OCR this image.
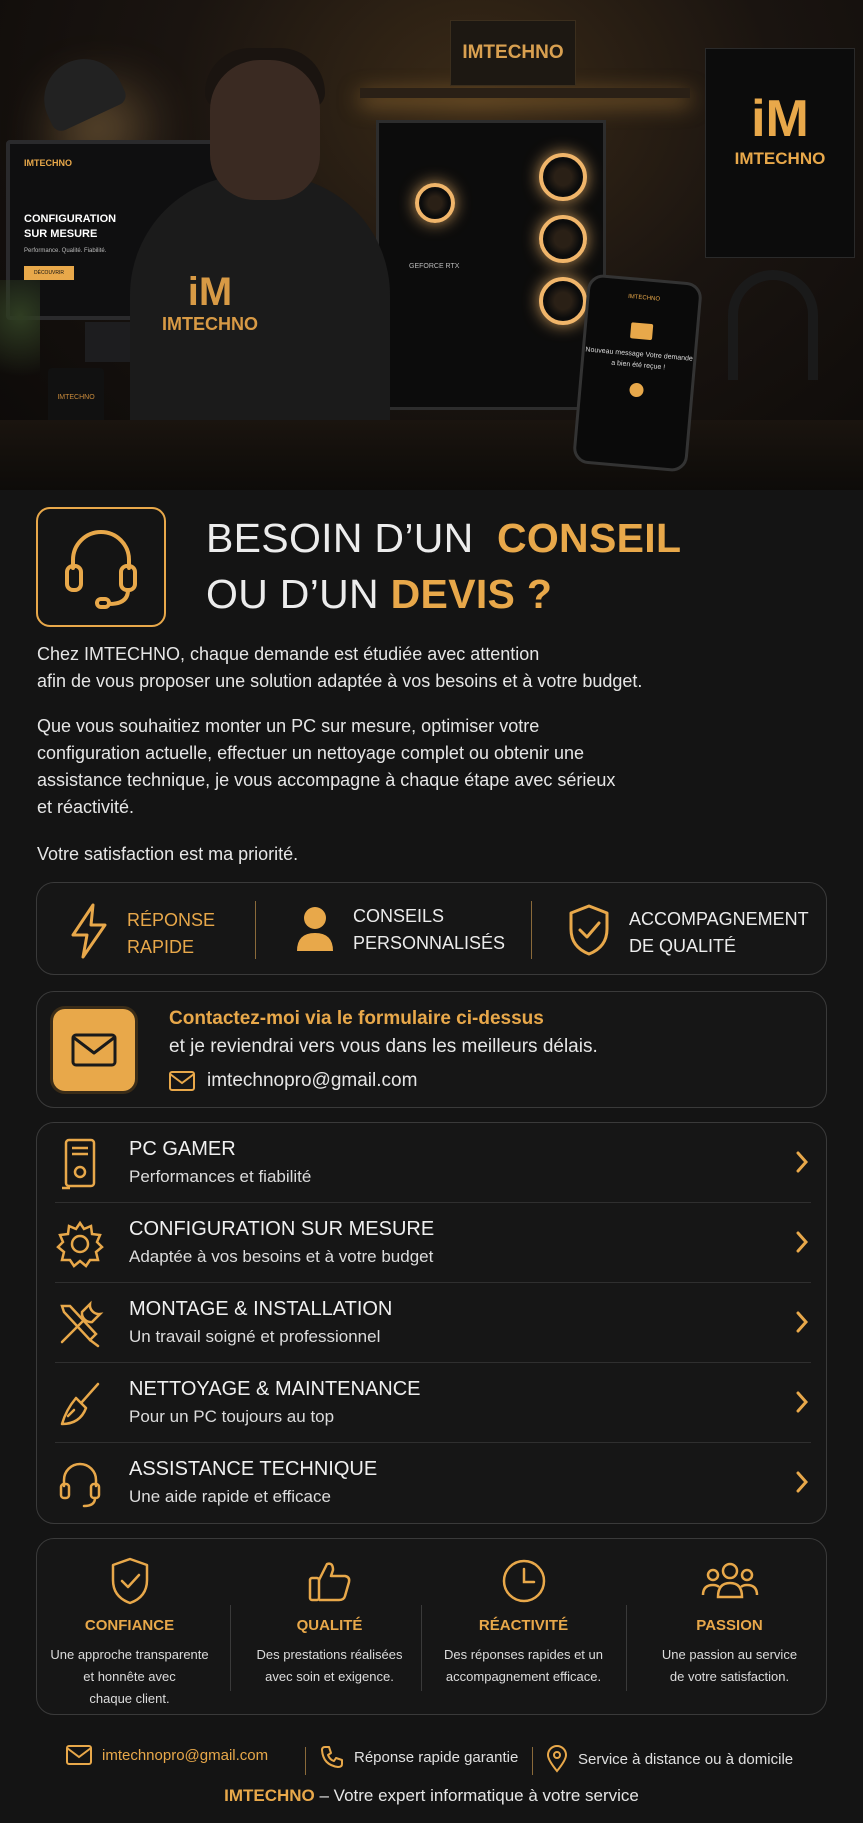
IMTECHNO
IMTECHNO
CONFIGURATION SUR MESURE
Performance. Qualité. Fiabilité.
DÉCOUVRIR
GEFORCE RTX
iM
IMTECHNO
IMTECHNO
iM
IMTECHNO
IMTECHNO
Nouveau message Votre demande a bien été reçue !
BESOIN D’UN CONSEIL
OU D’UN DEVIS ?
Chez IMTECHNO, chaque demande est étudiée avec attention
afin de vous proposer une solution adaptée à vos besoins et à votre budget.
Que vous souhaitiez monter un PC sur mesure, optimiser votre
configuration actuelle, effectuer un nettoyage complet ou obtenir une
assistance technique, je vous accompagne à chaque étape avec sérieux
et réactivité.
Votre satisfaction est ma priorité.
RÉPONSE
RAPIDE
CONSEILS
PERSONNALISÉS
ACCOMPAGNEMENT
DE QUALITÉ
Contactez-moi via le formulaire ci-dessus
et je reviendrai vers vous dans les meilleurs délais.
imtechnopro@gmail.com
PC GAMER
Performances et fiabilité
CONFIGURATION SUR MESURE
Adaptée à vos besoins et à votre budget
MONTAGE & INSTALLATION
Un travail soigné et professionnel
NETTOYAGE & MAINTENANCE
Pour un PC toujours au top
ASSISTANCE TECHNIQUE
Une aide rapide et efficace
CONFIANCE
Une approche transparente
et honnête avec
chaque client.
QUALITÉ
Des prestations réalisées
avec soin et exigence.
RÉACTIVITÉ
Des réponses rapides et un
accompagnement efficace.
PASSION
Une passion au service
de votre satisfaction.
imtechnopro@gmail.com	Réponse rapide garantie	Service à distance ou à domicile
IMTECHNO – Votre expert informatique à votre service
